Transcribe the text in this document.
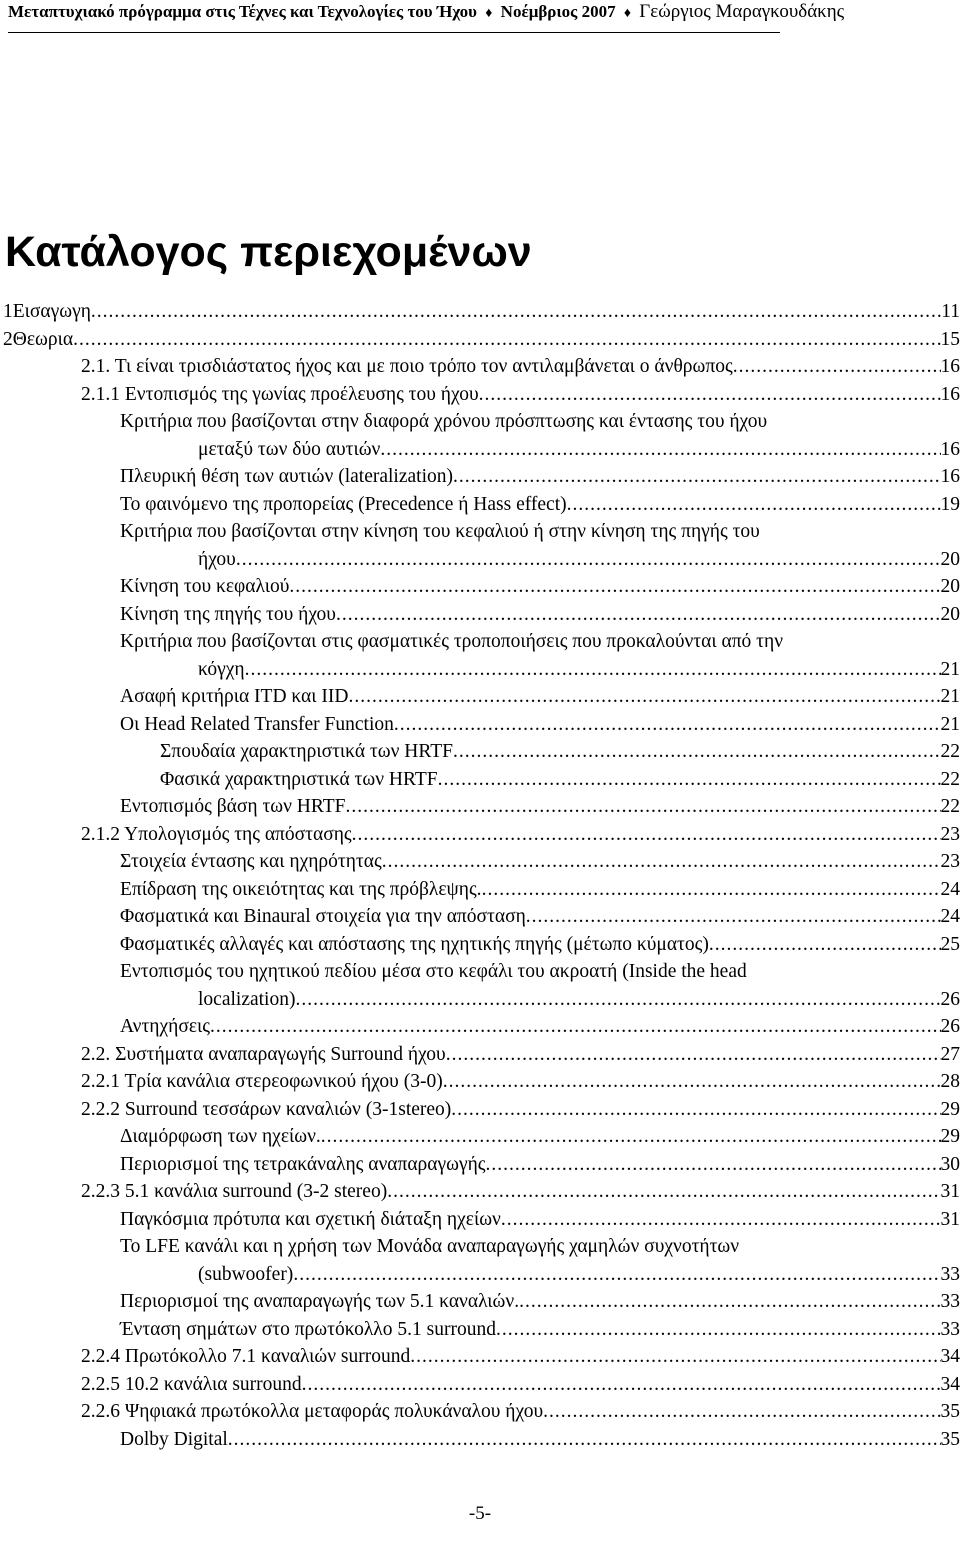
Μεταπτυχιακό πρόγραμμα στις Τέχνες και Τεχνολογίες του Ήχου ♦ Νοέμβριος 2007 ♦ Γεώργιος Μαραγκουδάκης
Κατάλογος περιεχομένων
1Εισαγωγη .....	11
2Θεωρια .....	15
2.1. Τι είναι τρισδιάστατος ήχος και με ποιο τρόπο τον αντιλαμβάνεται ο άνθρωπος .....	16
2.1.1 Εντοπισμός της γωνίας προέλευσης του ήχου .....	16
Κριτήρια που βασίζονται στην διαφορά χρόνου πρόσπτωσης και έντασης του ήχου
μεταξύ των δύο αυτιών .....	16
Πλευρική θέση των αυτιών (lateralization) .....	16
Το φαινόμενο της προπορείας (Precedence ή Hass effect) .....	19
Κριτήρια που βασίζονται στην κίνηση του κεφαλιού ή στην κίνηση της πηγής του
ήχου .....	20
Κίνηση του κεφαλιού .....	20
Κίνηση της πηγής του ήχου .....	20
Κριτήρια που βασίζονται στις φασματικές τροποποιήσεις που προκαλούνται από την
κόγχη .....	21
Ασαφή κριτήρια ITD και IID .....	21
Οι Head Related Transfer Function .....	21
Σπουδαία χαρακτηριστικά των HRTF .....	22
Φασικά χαρακτηριστικά των HRTF .....	22
Εντοπισμός βάση των HRTF .....	22
2.1.2 Υπολογισμός της απόστασης .....	23
Στοιχεία έντασης και ηχηρότητας .....	23
Επίδραση της οικειότητας και της πρόβλεψης. .....	24
Φασματικά και Binaural στοιχεία για την απόσταση .....	24
Φασματικές αλλαγές και απόστασης της ηχητικής πηγής (μέτωπο κύματος) .....	25
Εντοπισμός του ηχητικού πεδίου μέσα στο κεφάλι του ακροατή (Inside the head
localization) .....	26
Αντηχήσεις .....	26
2.2. Συστήματα αναπαραγωγής Surround ήχου .....	27
2.2.1 Τρία κανάλια στερεοφωνικού ήχου (3-0) .....	28
2.2.2 Surround τεσσάρων καναλιών (3-1stereo) .....	29
Διαμόρφωση των ηχείων. .....	29
Περιορισμοί της τετρακάναλης αναπαραγωγής .....	30
2.2.3 5.1 κανάλια surround (3-2 stereo) .....	31
Παγκόσμια πρότυπα και σχετική διάταξη ηχείων .....	31
Το LFE κανάλι και η χρήση των Μονάδα αναπαραγωγής χαμηλών συχνοτήτων
(subwoofer) .....	33
Περιορισμοί της αναπαραγωγής των 5.1 καναλιών. .....	33
Ένταση σημάτων στο πρωτόκολλο 5.1 surround .....	33
2.2.4 Πρωτόκολλο 7.1 καναλιών surround .....	34
2.2.5 10.2 κανάλια surround .....	34
2.2.6 Ψηφιακά πρωτόκολλα μεταφοράς πολυκάναλου ήχου .....	35
Dolby Digital .....	35
-5-
